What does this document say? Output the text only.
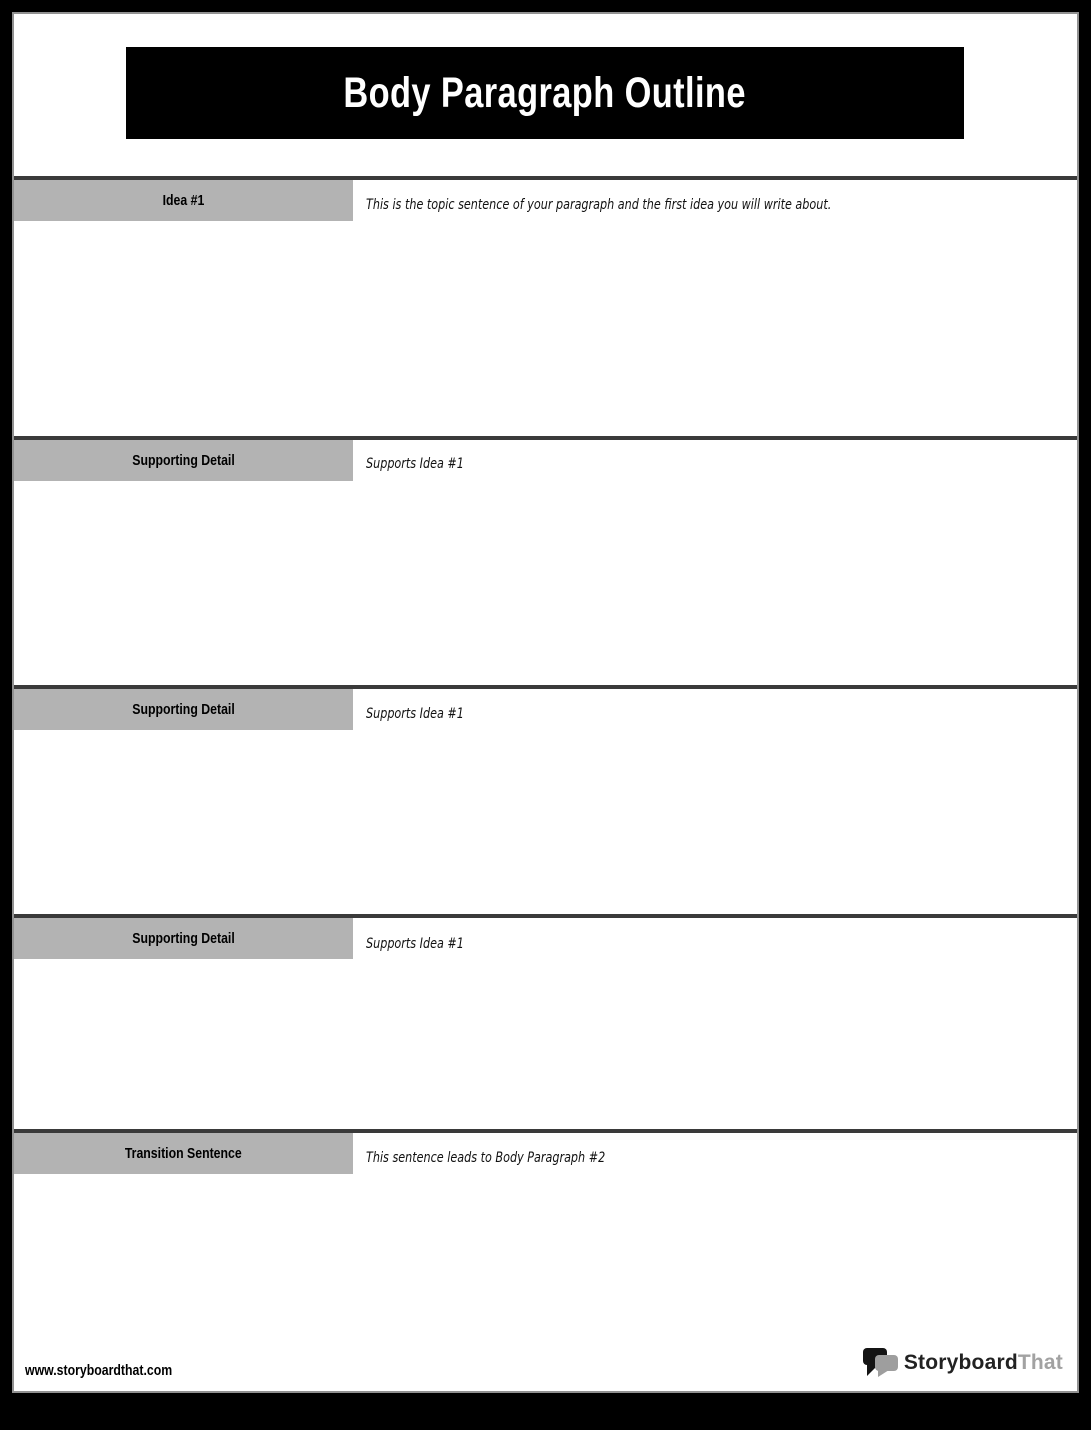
Body Paragraph Outline
Idea #1	This is the topic sentence of your paragraph and the first idea you will write about.
Supporting Detail	Supports Idea #1
Supporting Detail	Supports Idea #1
Supporting Detail	Supports Idea #1
Transition Sentence	This sentence leads to Body Paragraph #2
www.storyboardthat.com	StoryboardThat
